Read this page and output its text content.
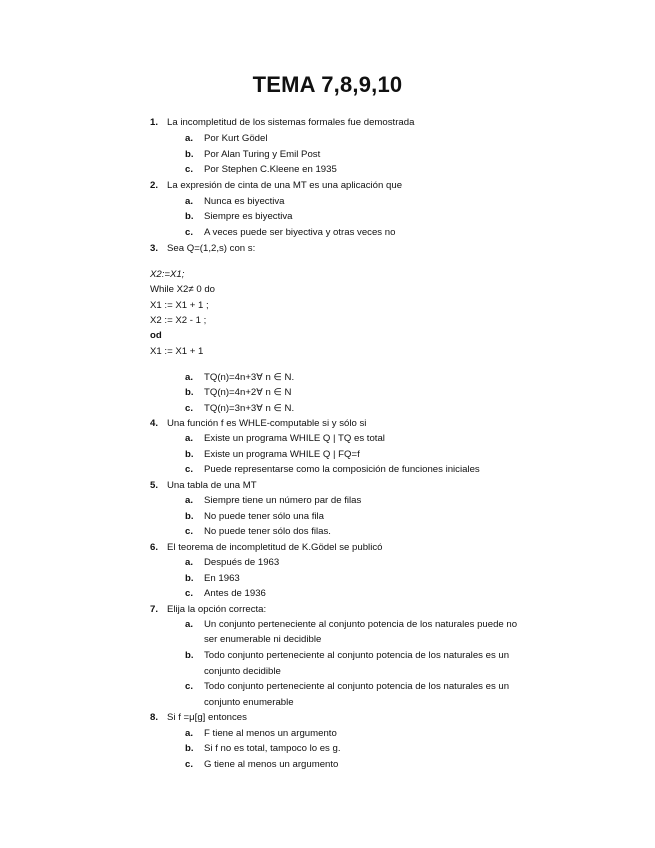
TEMA 7,8,9,10
1. La incompletitud de los sistemas formales fue demostrada
a. Por Kurt Gödel
b. Por Alan Turing y Emil Post
c. Por Stephen C.Kleene en 1935
2. La expresión de cinta de una MT es una aplicación que
a. Nunca es biyectiva
b. Siempre es biyectiva
c. A veces puede ser biyectiva y otras veces no
3. Sea Q=(1,2,s) con s:
X2:=X1;
While X2≠ 0 do
X1 := X1 + 1 ;
X2 := X2 - 1 ;
od
X1 := X1 + 1
a. TQ(n)=4n+3∀ n ∈ N.
b. TQ(n)=4n+2∀ n ∈ N
c. TQ(n)=3n+3∀ n ∈ N.
4. Una función f es WHLE-computable si y sólo si
a. Existe un programa WHILE Q | TQ es total
b. Existe un programa WHILE Q | FQ=f
c. Puede representarse como la composición de funciones iniciales
5. Una tabla de una MT
a. Siempre tiene un número par de filas
b. No puede tener sólo una fila
c. No puede tener sólo dos filas.
6. El teorema de incompletitud de K.Gödel se publicó
a. Después de 1963
b. En 1963
c. Antes de 1936
7. Elija la opción correcta:
a. Un conjunto perteneciente al conjunto potencia de los naturales puede no
ser enumerable ni decidible
b. Todo conjunto perteneciente al conjunto potencia de los naturales es un
conjunto decidible
c. Todo conjunto perteneciente al conjunto potencia de los naturales es un
conjunto enumerable
8. Si f =μ[g] entonces
a. F tiene al menos un argumento
b. Si f no es total, tampoco lo es g.
c. G tiene al menos un argumento
